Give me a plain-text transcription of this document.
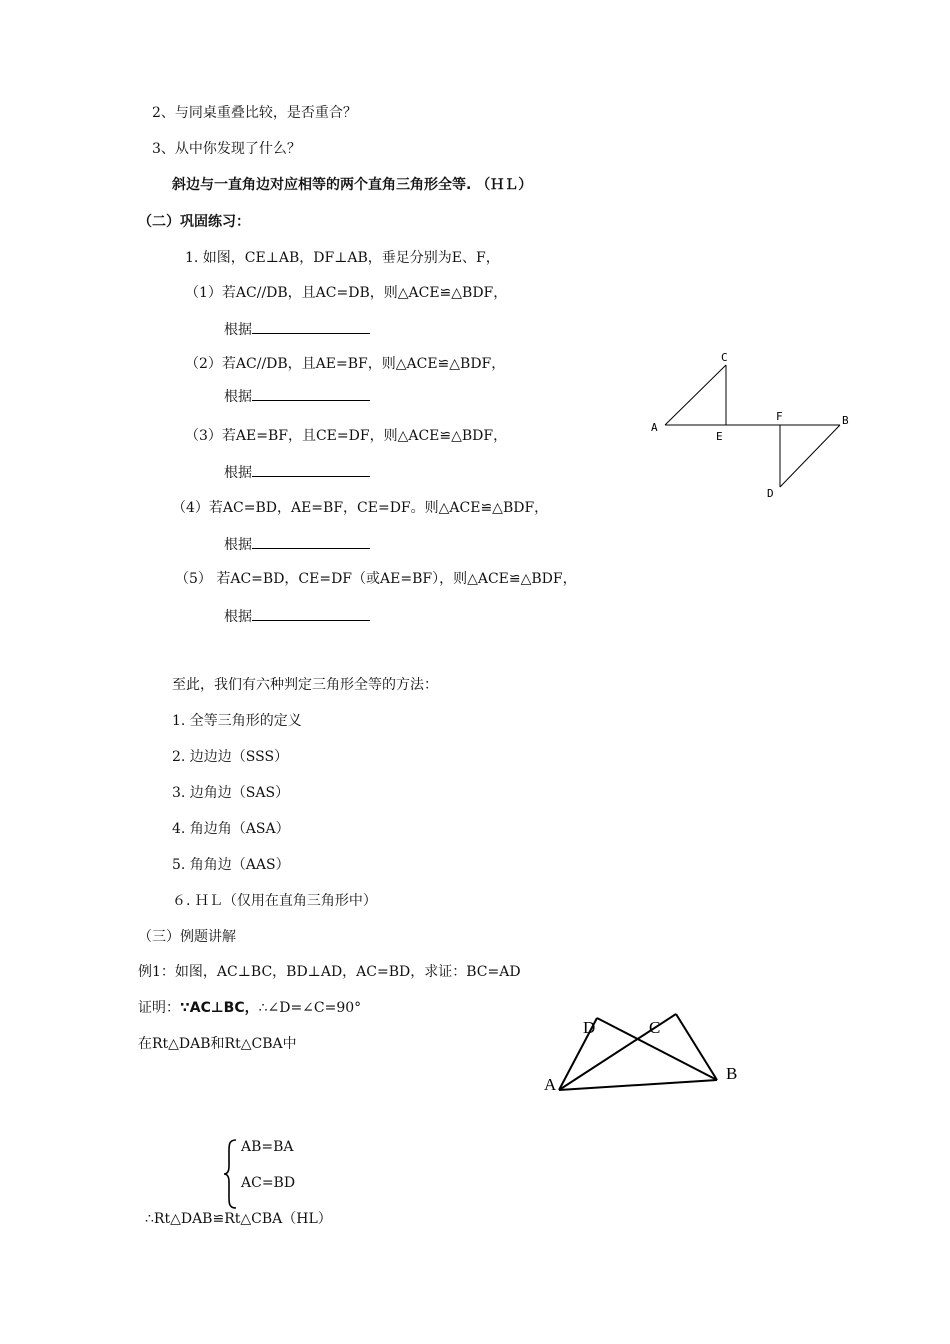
2、与同桌重叠比较，是否重合？
3、从中你发现了什么？
斜边与一直角边对应相等的两个直角三角形全等. （ＨＬ）
（二）巩固练习：
1. 如图，CE⊥AB，DF⊥AB，垂足分别为E、F，
（1）若AC//DB，且AC=DB，则△ACE≌△BDF，
根据
（2）若AC//DB，且AE=BF，则△ACE≌△BDF，
根据
（3）若AE=BF，且CE=DF，则△ACE≌△BDF，
根据
（4）若AC=BD，AE=BF，CE=DF。则△ACE≌△BDF，
根据
（5） 若AC=BD，CE=DF（或AE=BF），则△ACE≌△BDF，
根据
A
C
E
F	B
D
至此，我们有六种判定三角形全等的方法：
1. 全等三角形的定义
2. 边边边（SSS）
3. 边角边（SAS）
4. 角边角（ASA）
5. 角角边（AAS）
６. ＨＬ（仅用在直角三角形中）
（三）例题讲解
例1：如图，AC⊥BC，BD⊥AD，AC=BD，求证：BC=AD
证明：∵AC⊥BC，∴∠D=∠C=90°
在Rt△DAB和Rt△CBA中
D	C
B
A
AB=BA
AC=BD
∴Rt△DAB≌Rt△CBA（HL）
